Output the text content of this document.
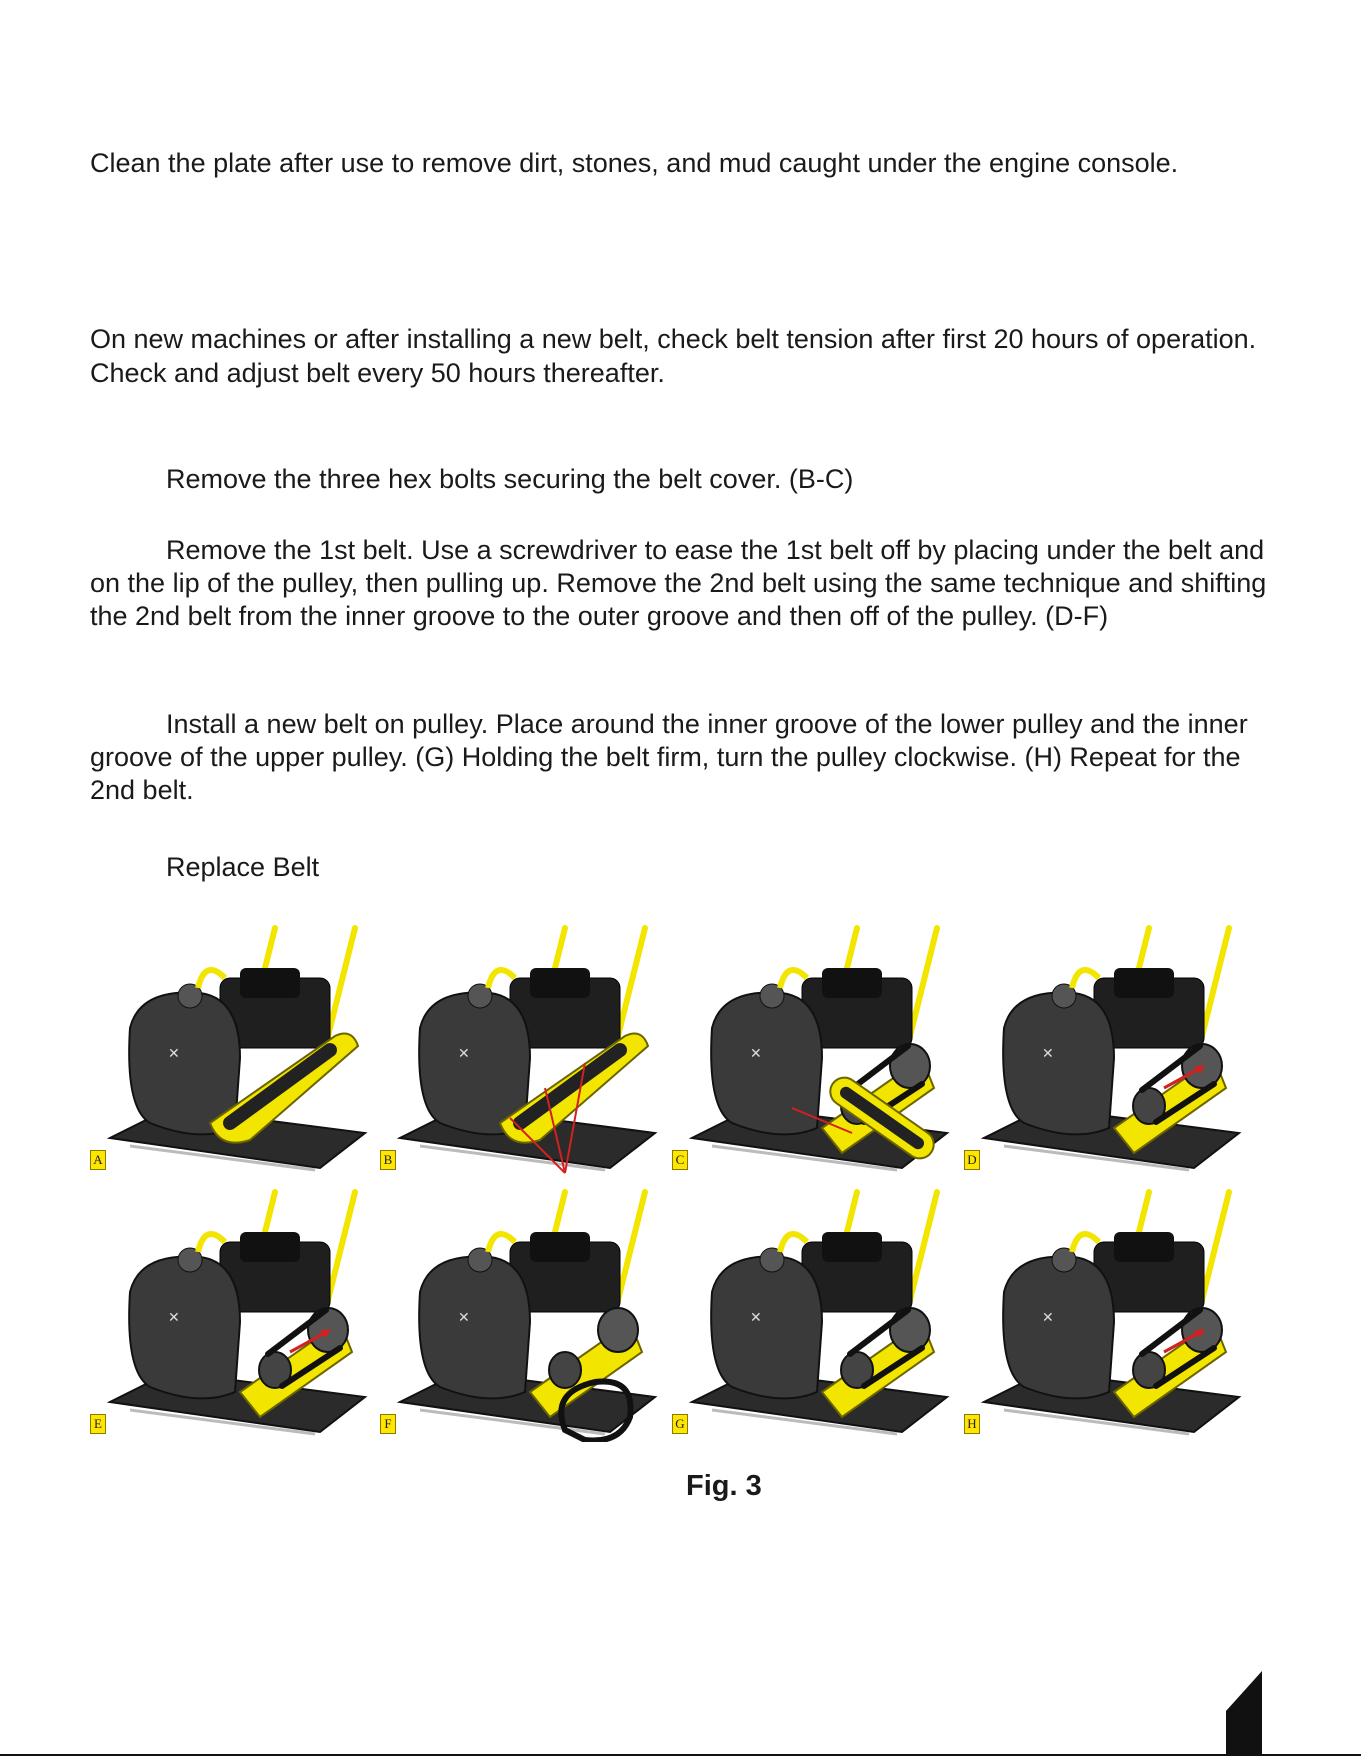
Clean the plate after use to remove dirt, stones, and mud caught under the engine console.

On new machines or after installing a new belt, check belt tension after first 20 hours of operation. Check and adjust belt every 50 hours thereafter.

Remove the three hex bolts securing the belt cover. (B-C)

Remove the 1st belt. Use a screwdriver to ease the 1st belt off by placing under the belt and on the lip of the pulley, then pulling up. Remove the 2nd belt using the same technique and shifting the 2nd belt from the inner groove to the outer groove and then off of the pulley. (D-F)

Install a new belt on pulley. Place around the inner groove of the lower pulley and the inner groove of the upper pulley. (G) Holding the belt firm, turn the pulley clockwise. (H) Repeat for the 2nd belt.

Replace Belt

✕
A
✕
B
✕
C
✕
D
✕
E
✕
F
✕
G
✕
H
Fig. 3
